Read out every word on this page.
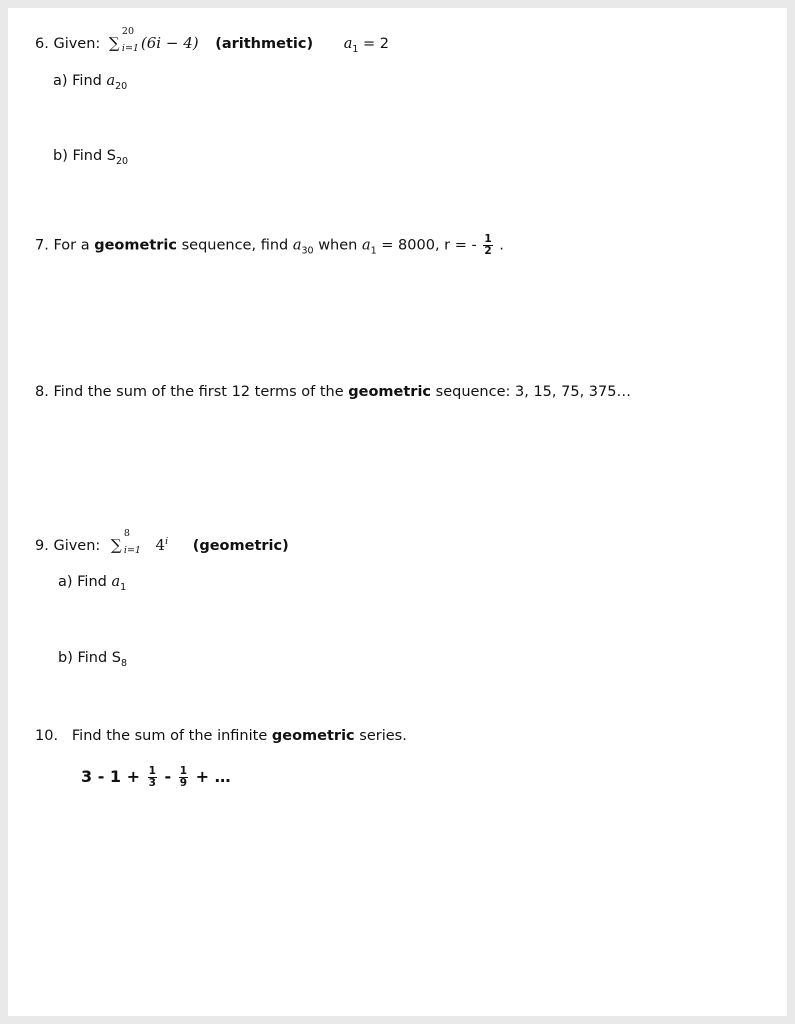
6. Given: ∑
20
i=1 (6i − 4) (arithmetic) $a_1 = 2$
a) Find $a_{20}$
b) Find $S_{20}$
7. For a geometric sequence, find $a_{30}$ when $a_1 = 8000$, r = - $\frac{1}{2}$ .
8. Find the sum of the first 12 terms of the geometric sequence: 3, 15, 75, 375…
9. Given: ∑
8
i=1 4$^i$ (geometric)
a) Find $a_1$
b) Find $S_8$
10. Find the sum of the infinite geometric series.
$3 - 1 + \frac{1}{3} - \frac{1}{9}$ + …
